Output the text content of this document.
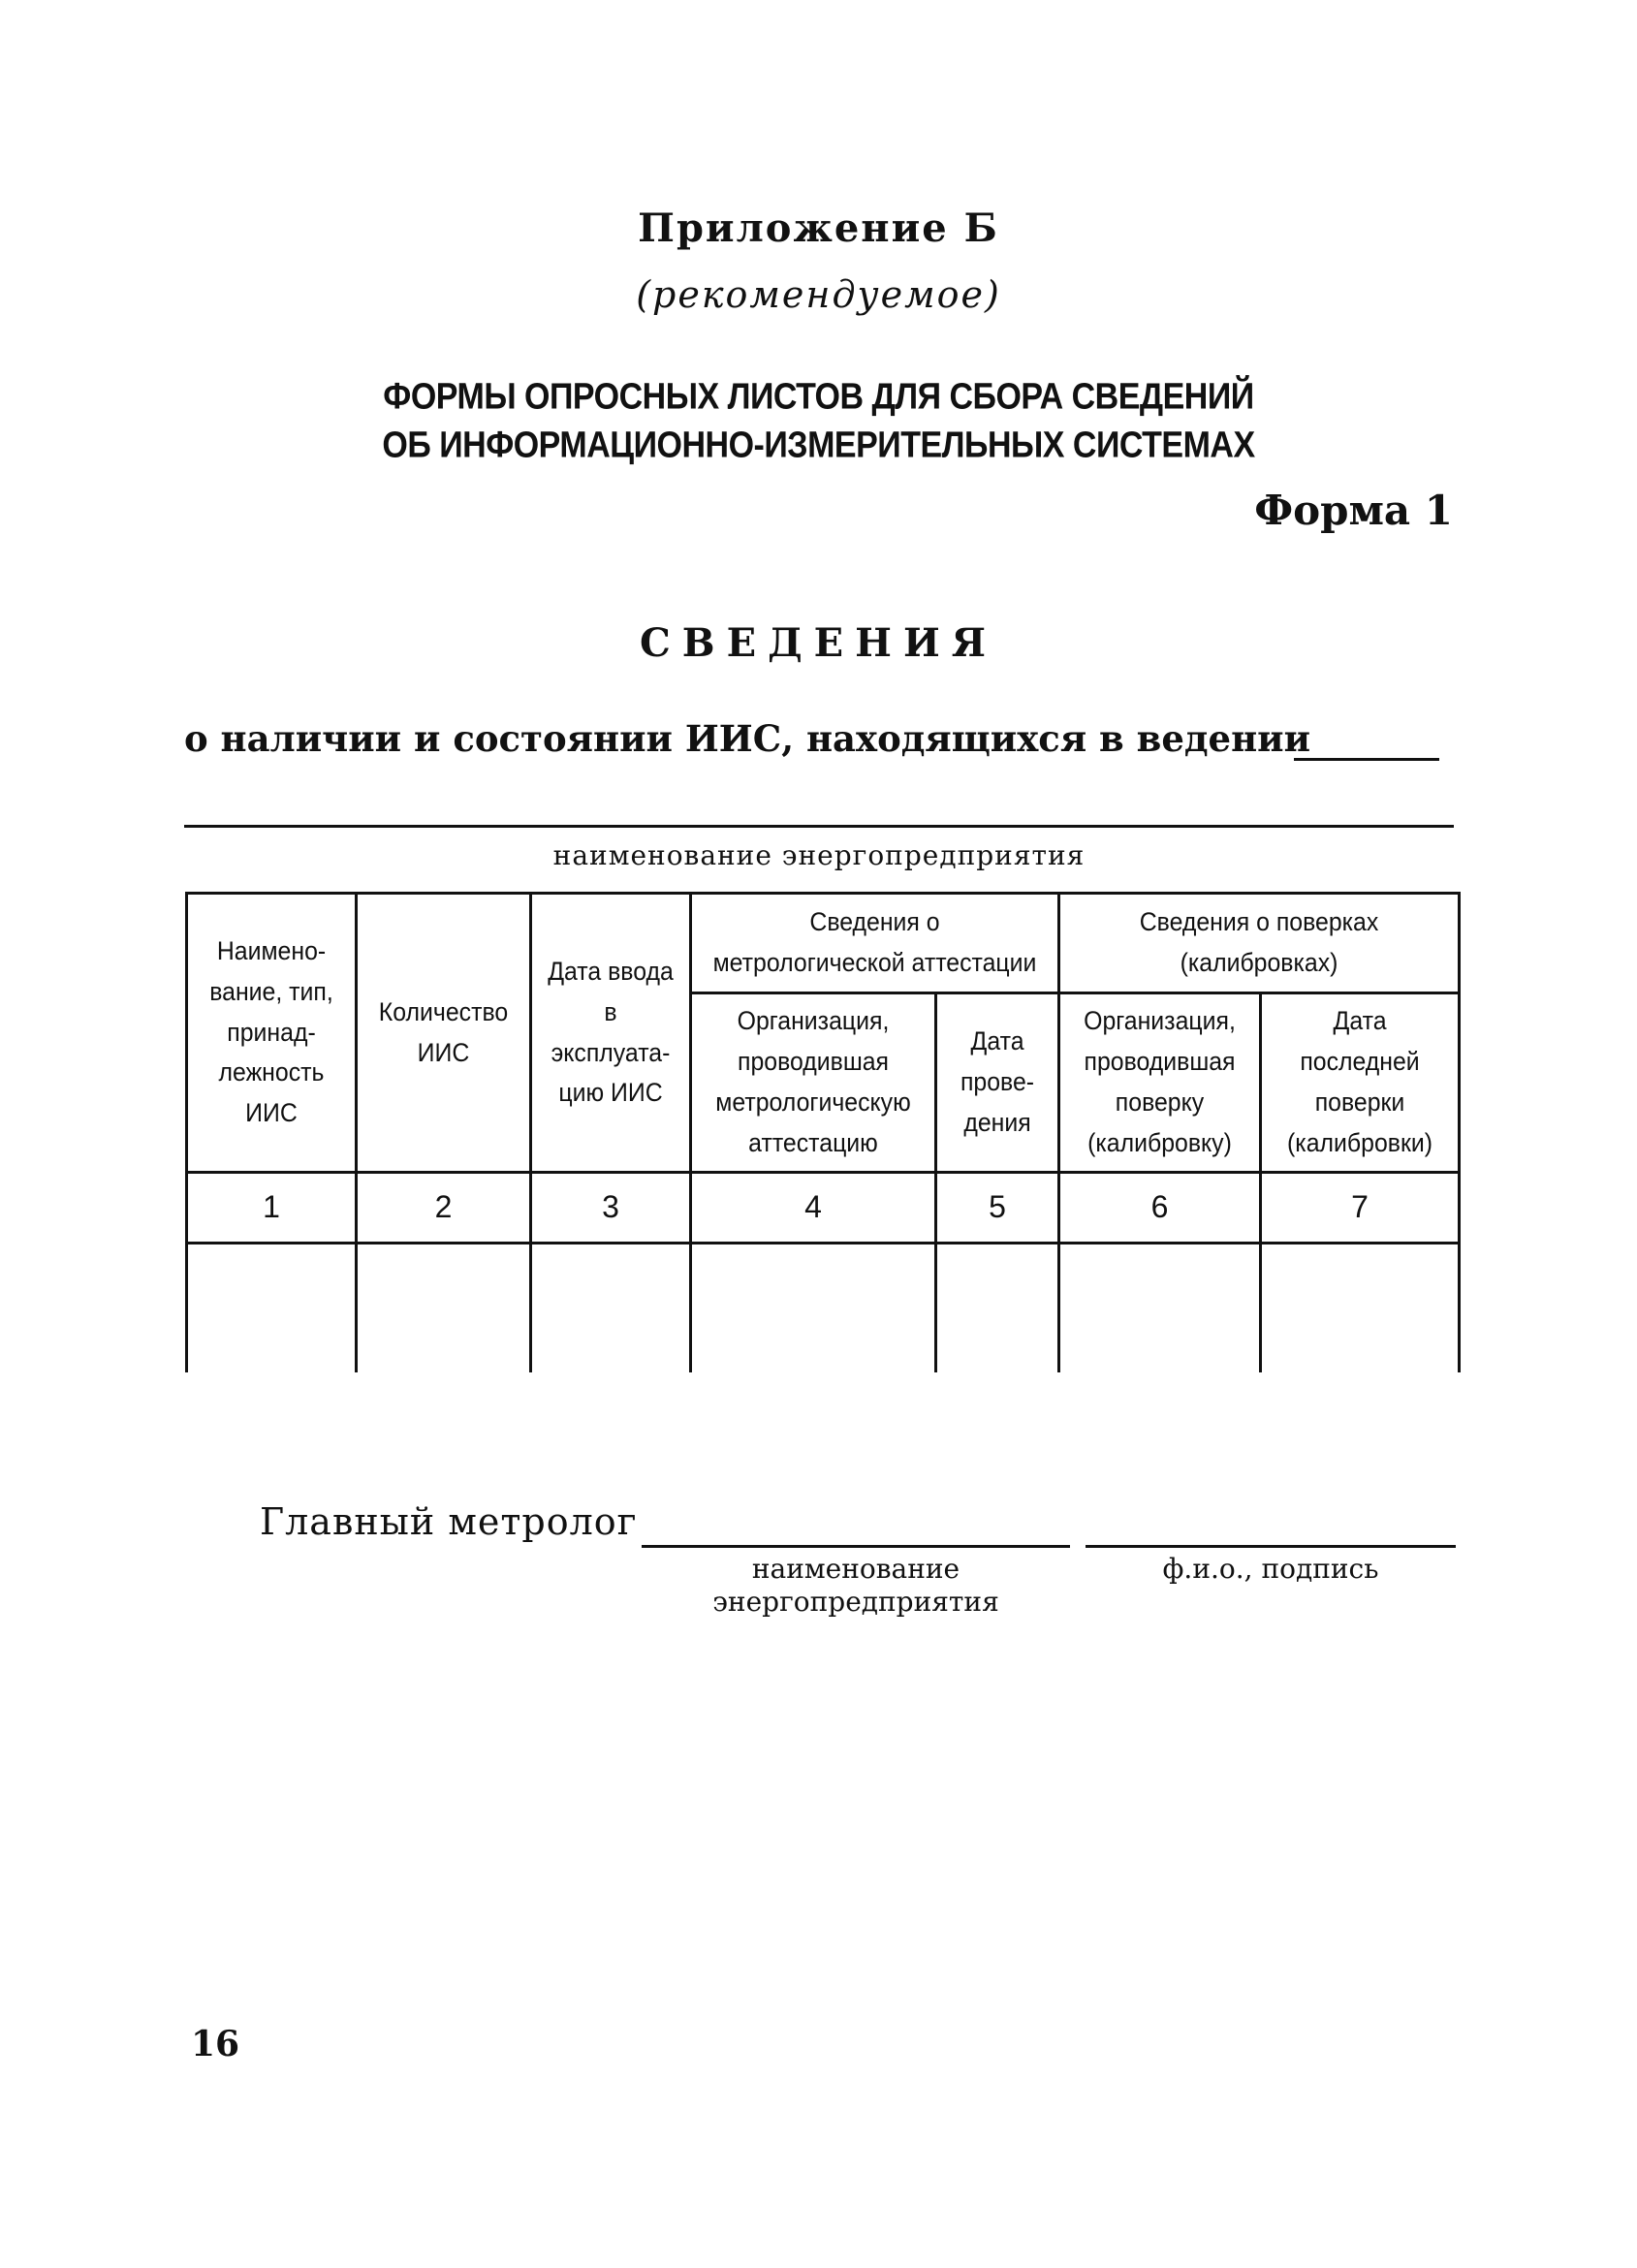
Приложение Б
(рекомендуемое)
ФОРМЫ ОПРОСНЫХ ЛИСТОВ ДЛЯ СБОРА СВЕДЕНИЙ
ОБ ИНФОРМАЦИОННО-ИЗМЕРИТЕЛЬНЫХ СИСТЕМАХ
Форма 1
СВЕДЕНИЯ
о наличии и состоянии ИИС, находящихся в ведении
наименование энергопредприятия
Наимено-вание, тип, принад-лежность ИИС	Количество ИИС	Дата ввода в эксплуата-цию ИИС	Сведения о метрологической аттестации		Сведения о поверках (калибровках)	
			Организация, проводившая метрологическую аттестацию	Дата прове-дения	Организация, проводившая поверку (калибровку)	Дата последней поверки (калибровки)
1	2	3	4	5	6	7

Главный метролог
наименование энергопредприятия
ф.и.о., подпись
16
